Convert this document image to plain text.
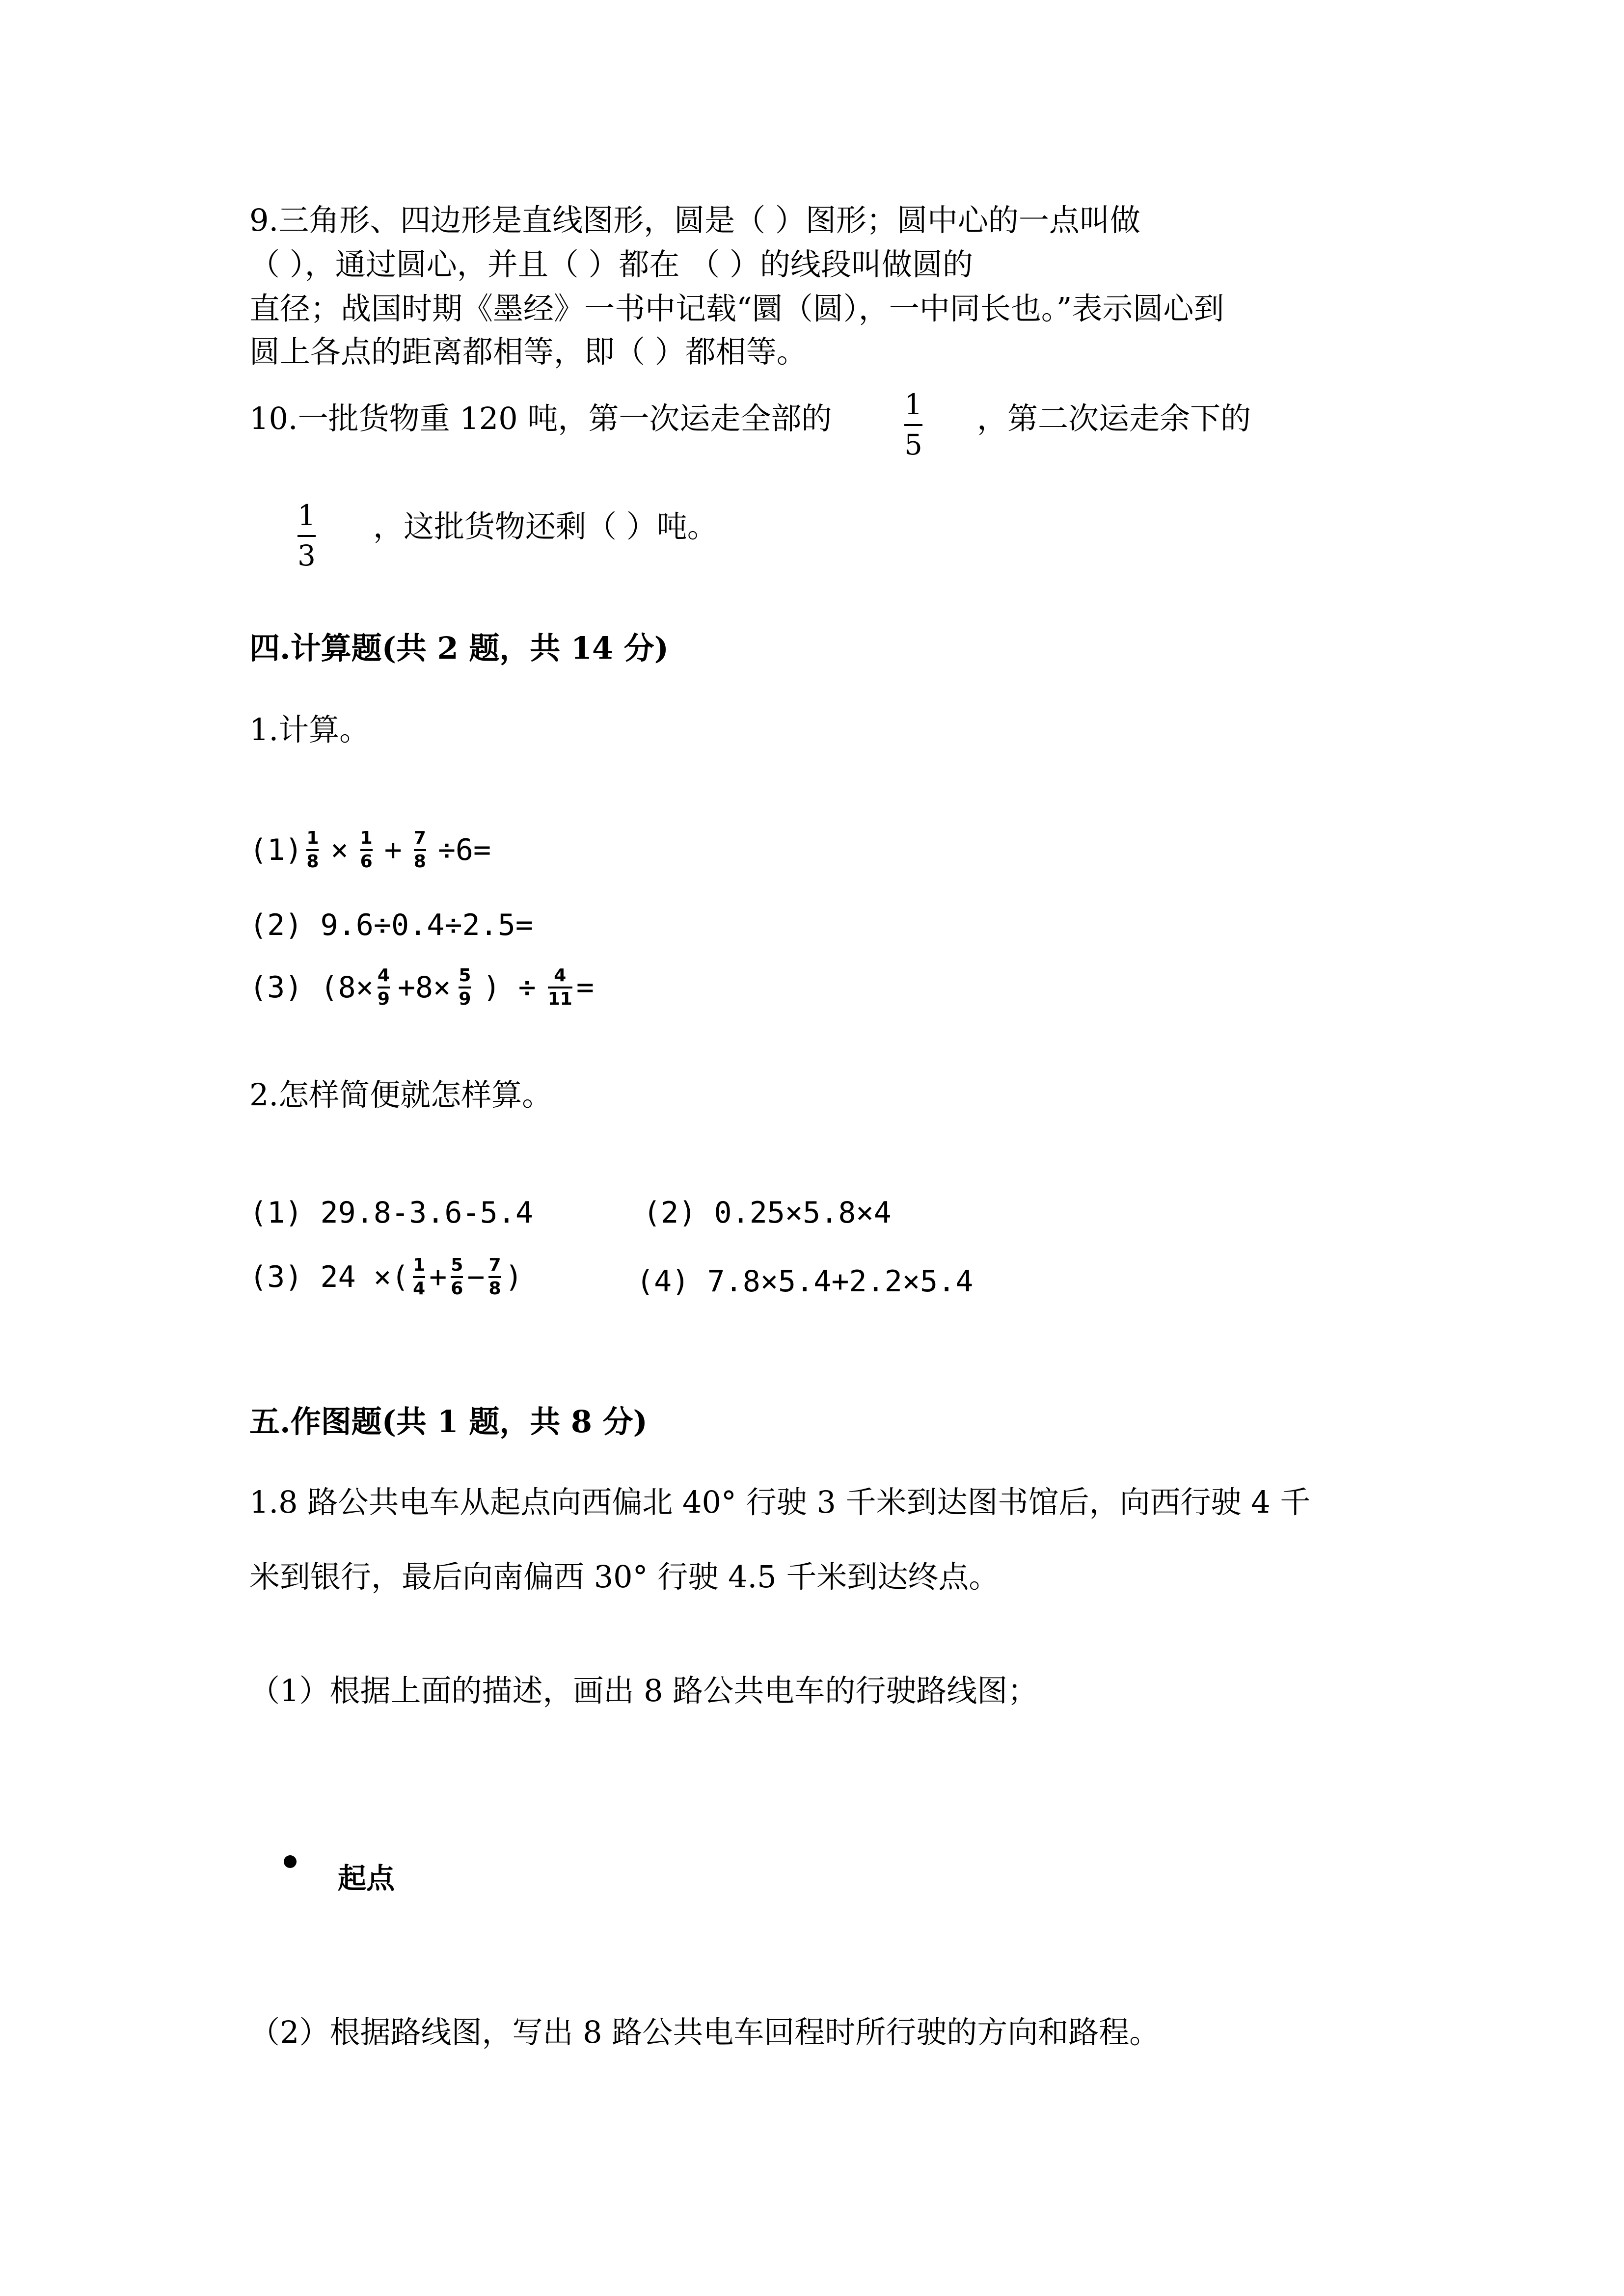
9.三角形、四边形是直线图形，圆是（ ）图形；圆中心的一点叫做
（ ），通过圆心，并且（ ）都在 （ ）的线段叫做圆的
直径；战国时期《墨经》一书中记载“圜（圆），一中同长也。”表示圆心到
圆上各点的距离都相等，即（ ）都相等。
10.一批货物重 120 吨，第一次运走全部的	1
5
，第二次运走余下的
1
3
，这批货物还剩（ ）吨。
四.计算题(共 2 题，共 14 分)
1.计算。
(1) 1
8 × 1
6 + 7
8 ÷6=
(2) 9.6÷0.4÷2.5=
(3) (8× 4
9 +8× 5
9 ) ÷ 4
11 =
2.怎样简便就怎样算。
(1) 29.8-3.6-5.4	(2) 0.25×5.8×4
(3) 24 ×( 1
4 + 5
6 − 7
8 )	(4) 7.8×5.4+2.2×5.4
五.作图题(共 1 题，共 8 分)
1.8 路公共电车从起点向西偏北 40° 行驶 3 千米到达图书馆后，向西行驶 4 千
米到银行，最后向南偏西 30° 行驶 4.5 千米到达终点。
（1）根据上面的描述，画出 8 路公共电车的行驶路线图；
起点
（2）根据路线图，写出 8 路公共电车回程时所行驶的方向和路程。
